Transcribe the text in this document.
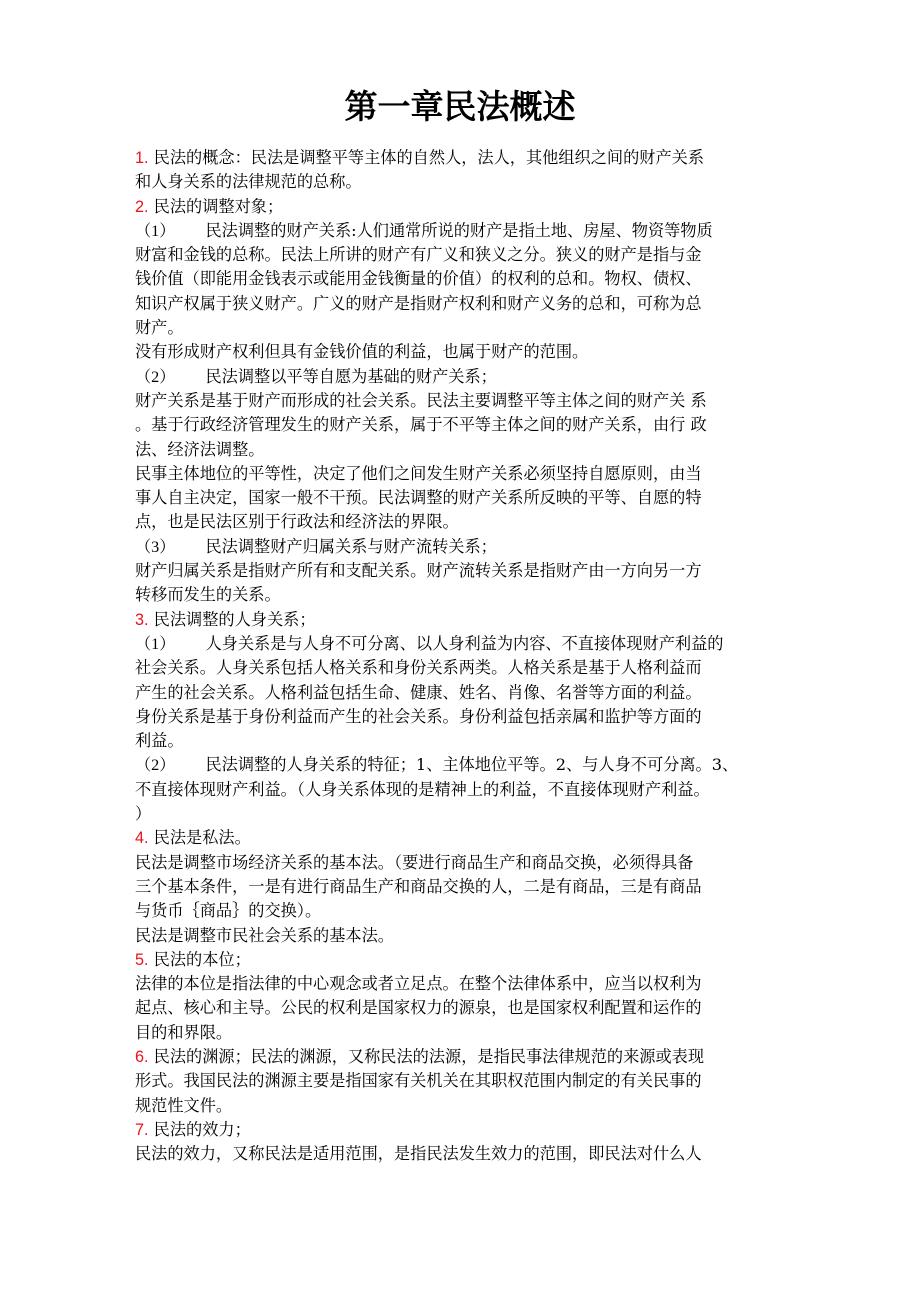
第一章民法概述
1. 民法的概念：民法是调整平等主体的自然人，法人，其他组织之间的财产关系
和人身关系的法律规范的总称。
2. 民法的调整对象；
（1） 民法调整的财产关系:人们通常所说的财产是指土地、房屋、物资等物质
财富和金钱的总称。民法上所讲的财产有广义和狭义之分。狭义的财产是指与金
钱价值（即能用金钱表示或能用金钱衡量的价值）的权利的总和。物权、债权、
知识产权属于狭义财产。广义的财产是指财产权利和财产义务的总和，可称为总
财产。
没有形成财产权利但具有金钱价值的利益，也属于财产的范围。
（2） 民法调整以平等自愿为基础的财产关系；
财产关系是基于财产而形成的社会关系。民法主要调整平等主体之间的财产关 系
。基于行政经济管理发生的财产关系，属于不平等主体之间的财产关系，由行 政
法、经济法调整。
民事主体地位的平等性，决定了他们之间发生财产关系必须坚持自愿原则，由当
事人自主决定，国家一般不干预。民法调整的财产关系所反映的平等、自愿的特
点，也是民法区别于行政法和经济法的界限。
（3） 民法调整财产归属关系与财产流转关系；
财产归属关系是指财产所有和支配关系。财产流转关系是指财产由一方向另一方
转移而发生的关系。
3. 民法调整的人身关系；
（1） 人身关系是与人身不可分离、以人身利益为内容、不直接体现财产利益的
社会关系。人身关系包括人格关系和身份关系两类。人格关系是基于人格利益而
产生的社会关系。人格利益包括生命、健康、姓名、肖像、名誉等方面的利益。
身份关系是基于身份利益而产生的社会关系。身份利益包括亲属和监护等方面的
利益。
（2） 民法调整的人身关系的特征；1、主体地位平等。2、与人身不可分离。3、
不直接体现财产利益。（人身关系体现的是精神上的利益，不直接体现财产利益。
）
4. 民法是私法。
民法是调整市场经济关系的基本法。（要进行商品生产和商品交换，必须得具备
三个基本条件，一是有进行商品生产和商品交换的人，二是有商品，三是有商品
与货币｛商品｝的交换）。
民法是调整市民社会关系的基本法。
5. 民法的本位；
法律的本位是指法律的中心观念或者立足点。在整个法律体系中，应当以权利为
起点、核心和主导。公民的权利是国家权力的源泉，也是国家权利配置和运作的
目的和界限。
6. 民法的渊源；民法的渊源，又称民法的法源，是指民事法律规范的来源或表现
形式。我国民法的渊源主要是指国家有关机关在其职权范围内制定的有关民事的
规范性文件。
7. 民法的效力；
民法的效力，又称民法是适用范围，是指民法发生效力的范围，即民法对什么人
